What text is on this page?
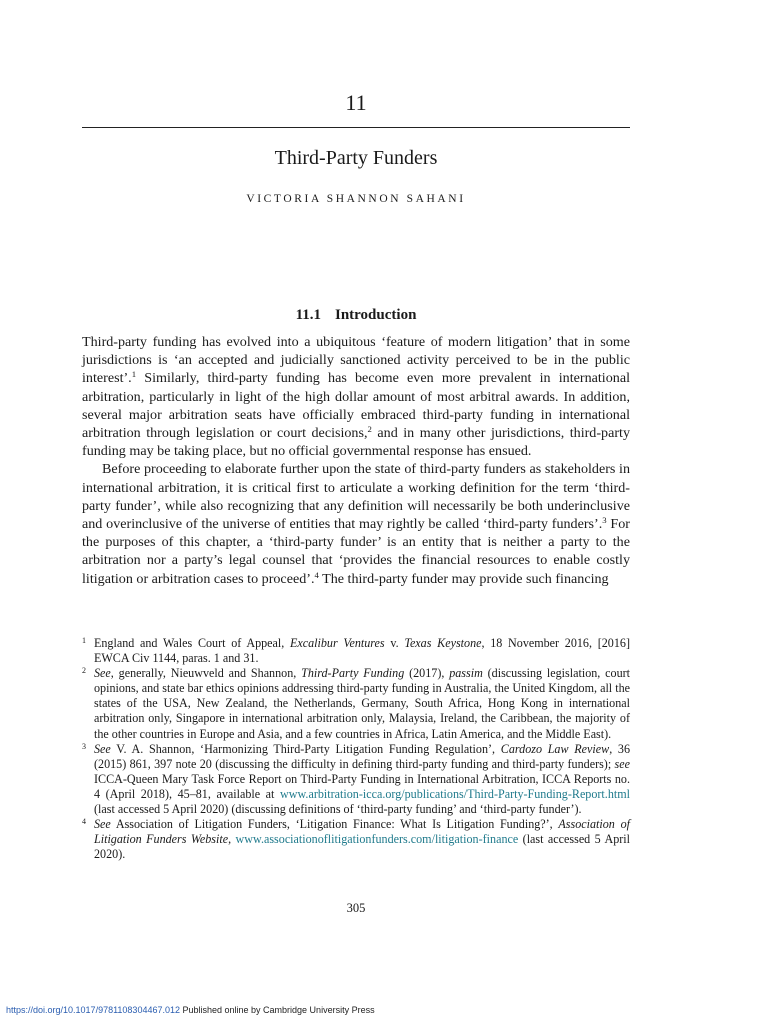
11
Third-Party Funders
VICTORIA SHANNON SAHANI
11.1 Introduction

Third-party funding has evolved into a ubiquitous ‘feature of modern litigation’ that in some jurisdictions is ‘an accepted and judicially sanctioned activity perceived to be in the public interest’.$^1$ Similarly, third-party funding has become even more prevalent in international arbitration, particularly in light of the high dollar amount of most arbitral awards. In addition, several major arbitration seats have officially embraced third-party funding in international arbitration through legislation or court decisions,$^2$ and in many other jurisdictions, third-party funding may be taking place, but no official governmental response has ensued.

Before proceeding to elaborate further upon the state of third-party funders as stakeholders in international arbitration, it is critical first to articulate a working definition for the term ‘third-party funder’, while also recognizing that any definition will necessarily be both underinclusive and overinclusive of the universe of entities that may rightly be called ‘third-party funders’.$^3$ For the purposes of this chapter, a ‘third-party funder’ is an entity that is neither a party to the arbitration nor a party’s legal counsel that ‘provides the financial resources to enable costly litigation or arbitration cases to proceed’.$^4$ The third-party funder may provide such financing

1 England and Wales Court of Appeal, Excalibur Ventures v. Texas Keystone, 18 November 2016, [2016] EWCA Civ 1144, paras. 1 and 31.
2 See, generally, Nieuwveld and Shannon, Third-Party Funding (2017), passim (discussing legislation, court opinions, and state bar ethics opinions addressing third-party funding in Australia, the United Kingdom, all the states of the USA, New Zealand, the Netherlands, Germany, South Africa, Hong Kong in international arbitration only, Singapore in international arbitration only, Malaysia, Ireland, the Caribbean, the majority of the other countries in Europe and Asia, and a few countries in Africa, Latin America, and the Middle East).
3 See V. A. Shannon, ‘Harmonizing Third-Party Litigation Funding Regulation’, Cardozo Law Review, 36 (2015) 861, 397 note 20 (discussing the difficulty in defining third-party funding and third-party funders); see ICCA-Queen Mary Task Force Report on Third-Party Funding in International Arbitration, ICCA Reports no. 4 (April 2018), 45–81, available at www.arbitration-icca.org/publications/Third-Party-Funding-Report.html (last accessed 5 April 2020) (discussing definitions of ‘third-party funding’ and ‘third-party funder’).
4 See Association of Litigation Funders, ‘Litigation Finance: What Is Litigation Funding?’, Association of Litigation Funders Website, www.associationoflitigationfunders.com/litigation-finance (last accessed 5 April 2020).
305
https://doi.org/10.1017/9781108304467.012 Published online by Cambridge University Press
